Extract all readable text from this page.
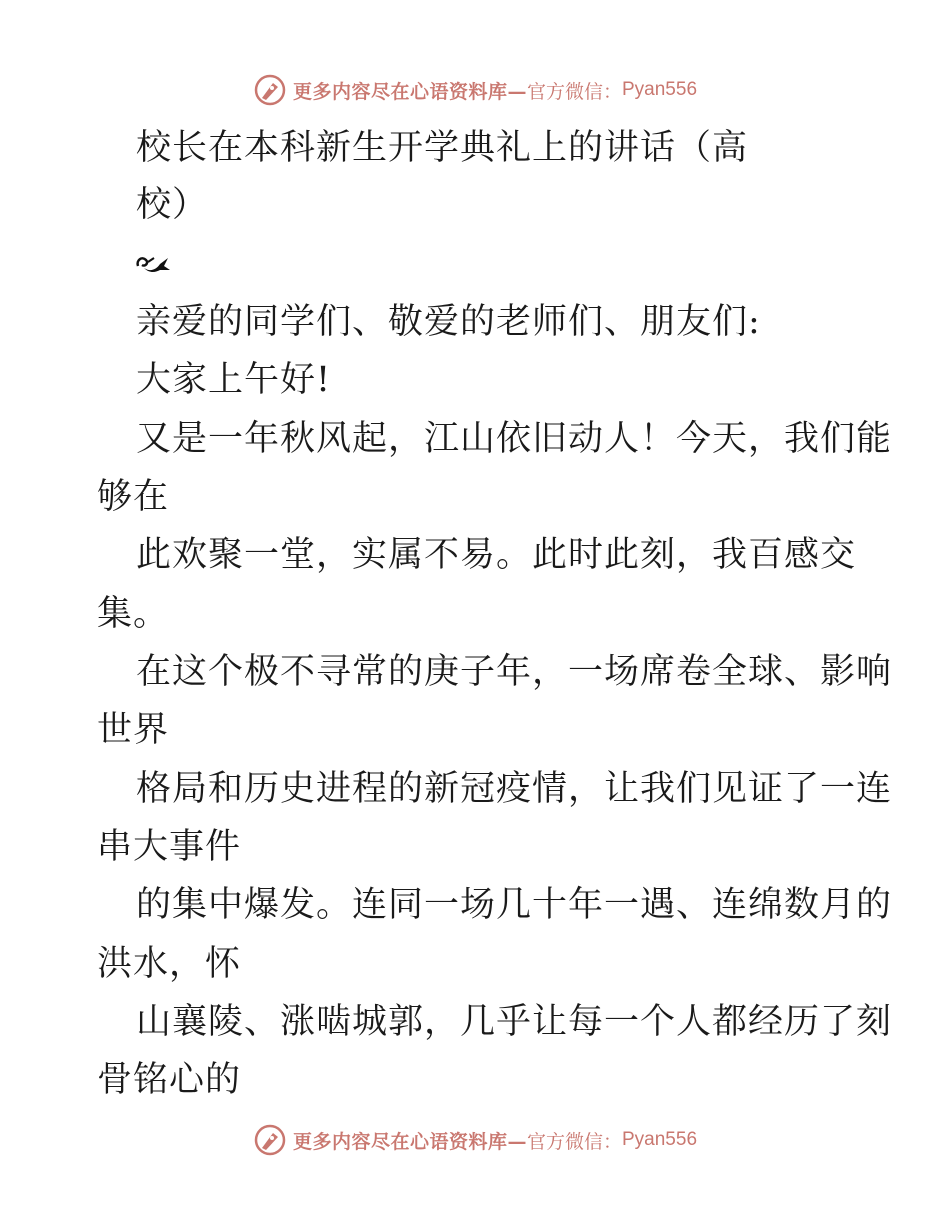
更多内容尽在心语资料库— 官方微信： Pyan556
校长在本科新生开学典礼上的讲话（高
校）
亲爱的同学们、敬爱的老师们、朋友们:
大家上午好!
又是一年秋风起，江山依旧动人！今天，我们能
够在
此欢聚一堂，实属不易。此时此刻，我百感交
集。
在这个极不寻常的庚子年，一场席卷全球、影响
世界
格局和历史进程的新冠疫情，让我们见证了一连
串大事件
的集中爆发。连同一场几十年一遇、连绵数月的
洪水，怀
山襄陵、涨啮城郭，几乎让每一个人都经历了刻
骨铭心的
更多内容尽在心语资料库— 官方微信： Pyan556
